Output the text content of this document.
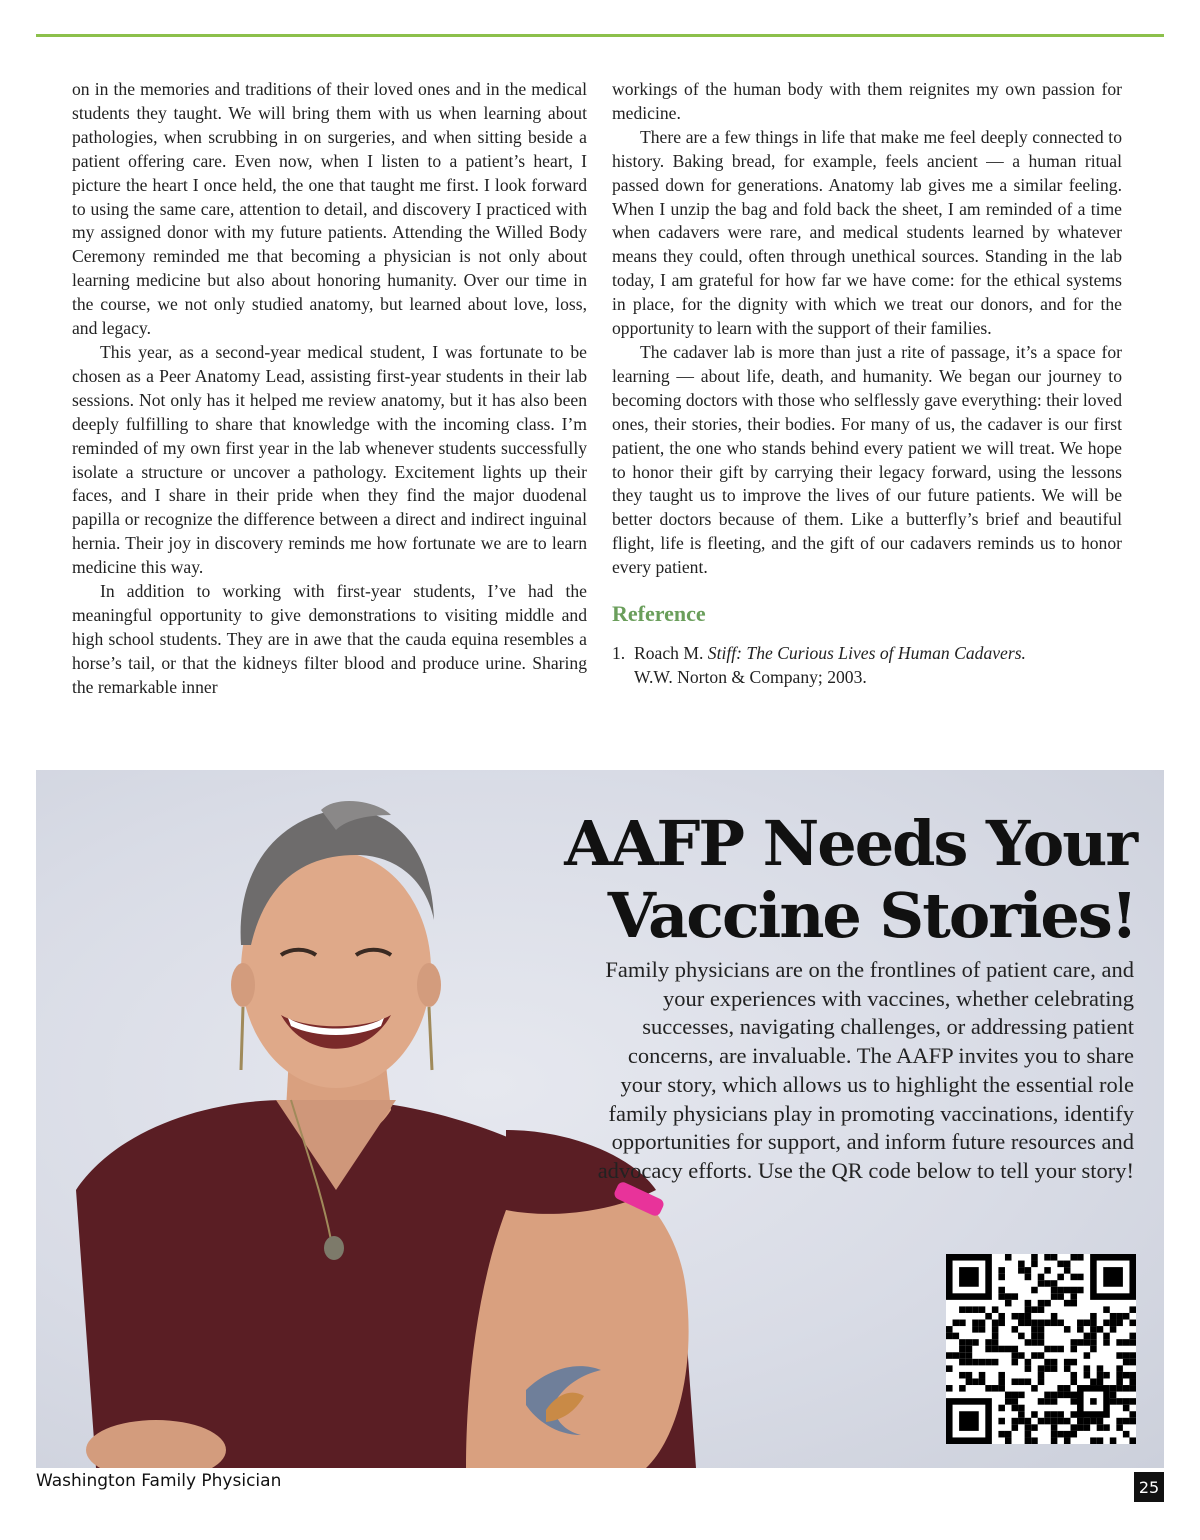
on in the memories and traditions of their loved ones and in the medical students they taught. We will bring them with us when learning about pathologies, when scrubbing in on surgeries, and when sitting beside a patient offering care. Even now, when I listen to a patient’s heart, I picture the heart I once held, the one that taught me first. I look forward to using the same care, attention to detail, and discovery I practiced with my assigned donor with my future patients. Attending the Willed Body Ceremony reminded me that becoming a physician is not only about learning medicine but also about honoring humanity. Over our time in the course, we not only studied anatomy, but learned about love, loss, and legacy.

This year, as a second-year medical student, I was fortunate to be chosen as a Peer Anatomy Lead, assisting first-year students in their lab sessions. Not only has it helped me review anatomy, but it has also been deeply fulfilling to share that knowledge with the incoming class. I’m reminded of my own first year in the lab whenever students successfully isolate a structure or uncover a pathology. Excitement lights up their faces, and I share in their pride when they find the major duodenal papilla or recognize the difference between a direct and indirect inguinal hernia. Their joy in discovery reminds me how fortunate we are to learn medicine this way.

In addition to working with first-year students, I’ve had the meaningful opportunity to give demonstrations to visiting middle and high school students. They are in awe that the cauda equina resembles a horse’s tail, or that the kidneys filter blood and produce urine. Sharing the remarkable inner

workings of the human body with them reignites my own passion for medicine.

There are a few things in life that make me feel deeply connected to history. Baking bread, for example, feels ancient — a human ritual passed down for generations. Anatomy lab gives me a similar feeling. When I unzip the bag and fold back the sheet, I am reminded of a time when cadavers were rare, and medical students learned by whatever means they could, often through unethical sources. Standing in the lab today, I am grateful for how far we have come: for the ethical systems in place, for the dignity with which we treat our donors, and for the opportunity to learn with the support of their families.

The cadaver lab is more than just a rite of passage, it’s a space for learning — about life, death, and humanity. We began our journey to becoming doctors with those who selflessly gave everything: their loved ones, their stories, their bodies. For many of us, the cadaver is our first patient, the one who stands behind every patient we will treat. We hope to honor their gift by carrying their legacy forward, using the lessons they taught us to improve the lives of our future patients. We will be better doctors because of them. Like a butterfly’s brief and beautiful flight, life is fleeting, and the gift of our cadavers reminds us to honor every patient.

Reference
1. Roach M. Stiff: The Curious Lives of Human Cadavers.
W.W. Norton & Company; 2003.
AAFP Needs Your
Vaccine Stories!
Family physicians are on the frontlines of patient care, and your experiences with vaccines, whether celebrating successes, navigating challenges, or addressing patient concerns, are invaluable. The AAFP invites you to share your story, which allows us to highlight the essential role family physicians play in promoting vaccinations, identify opportunities for support, and inform future resources and advocacy efforts. Use the QR code below to tell your story!
Washington Family Physician	25
